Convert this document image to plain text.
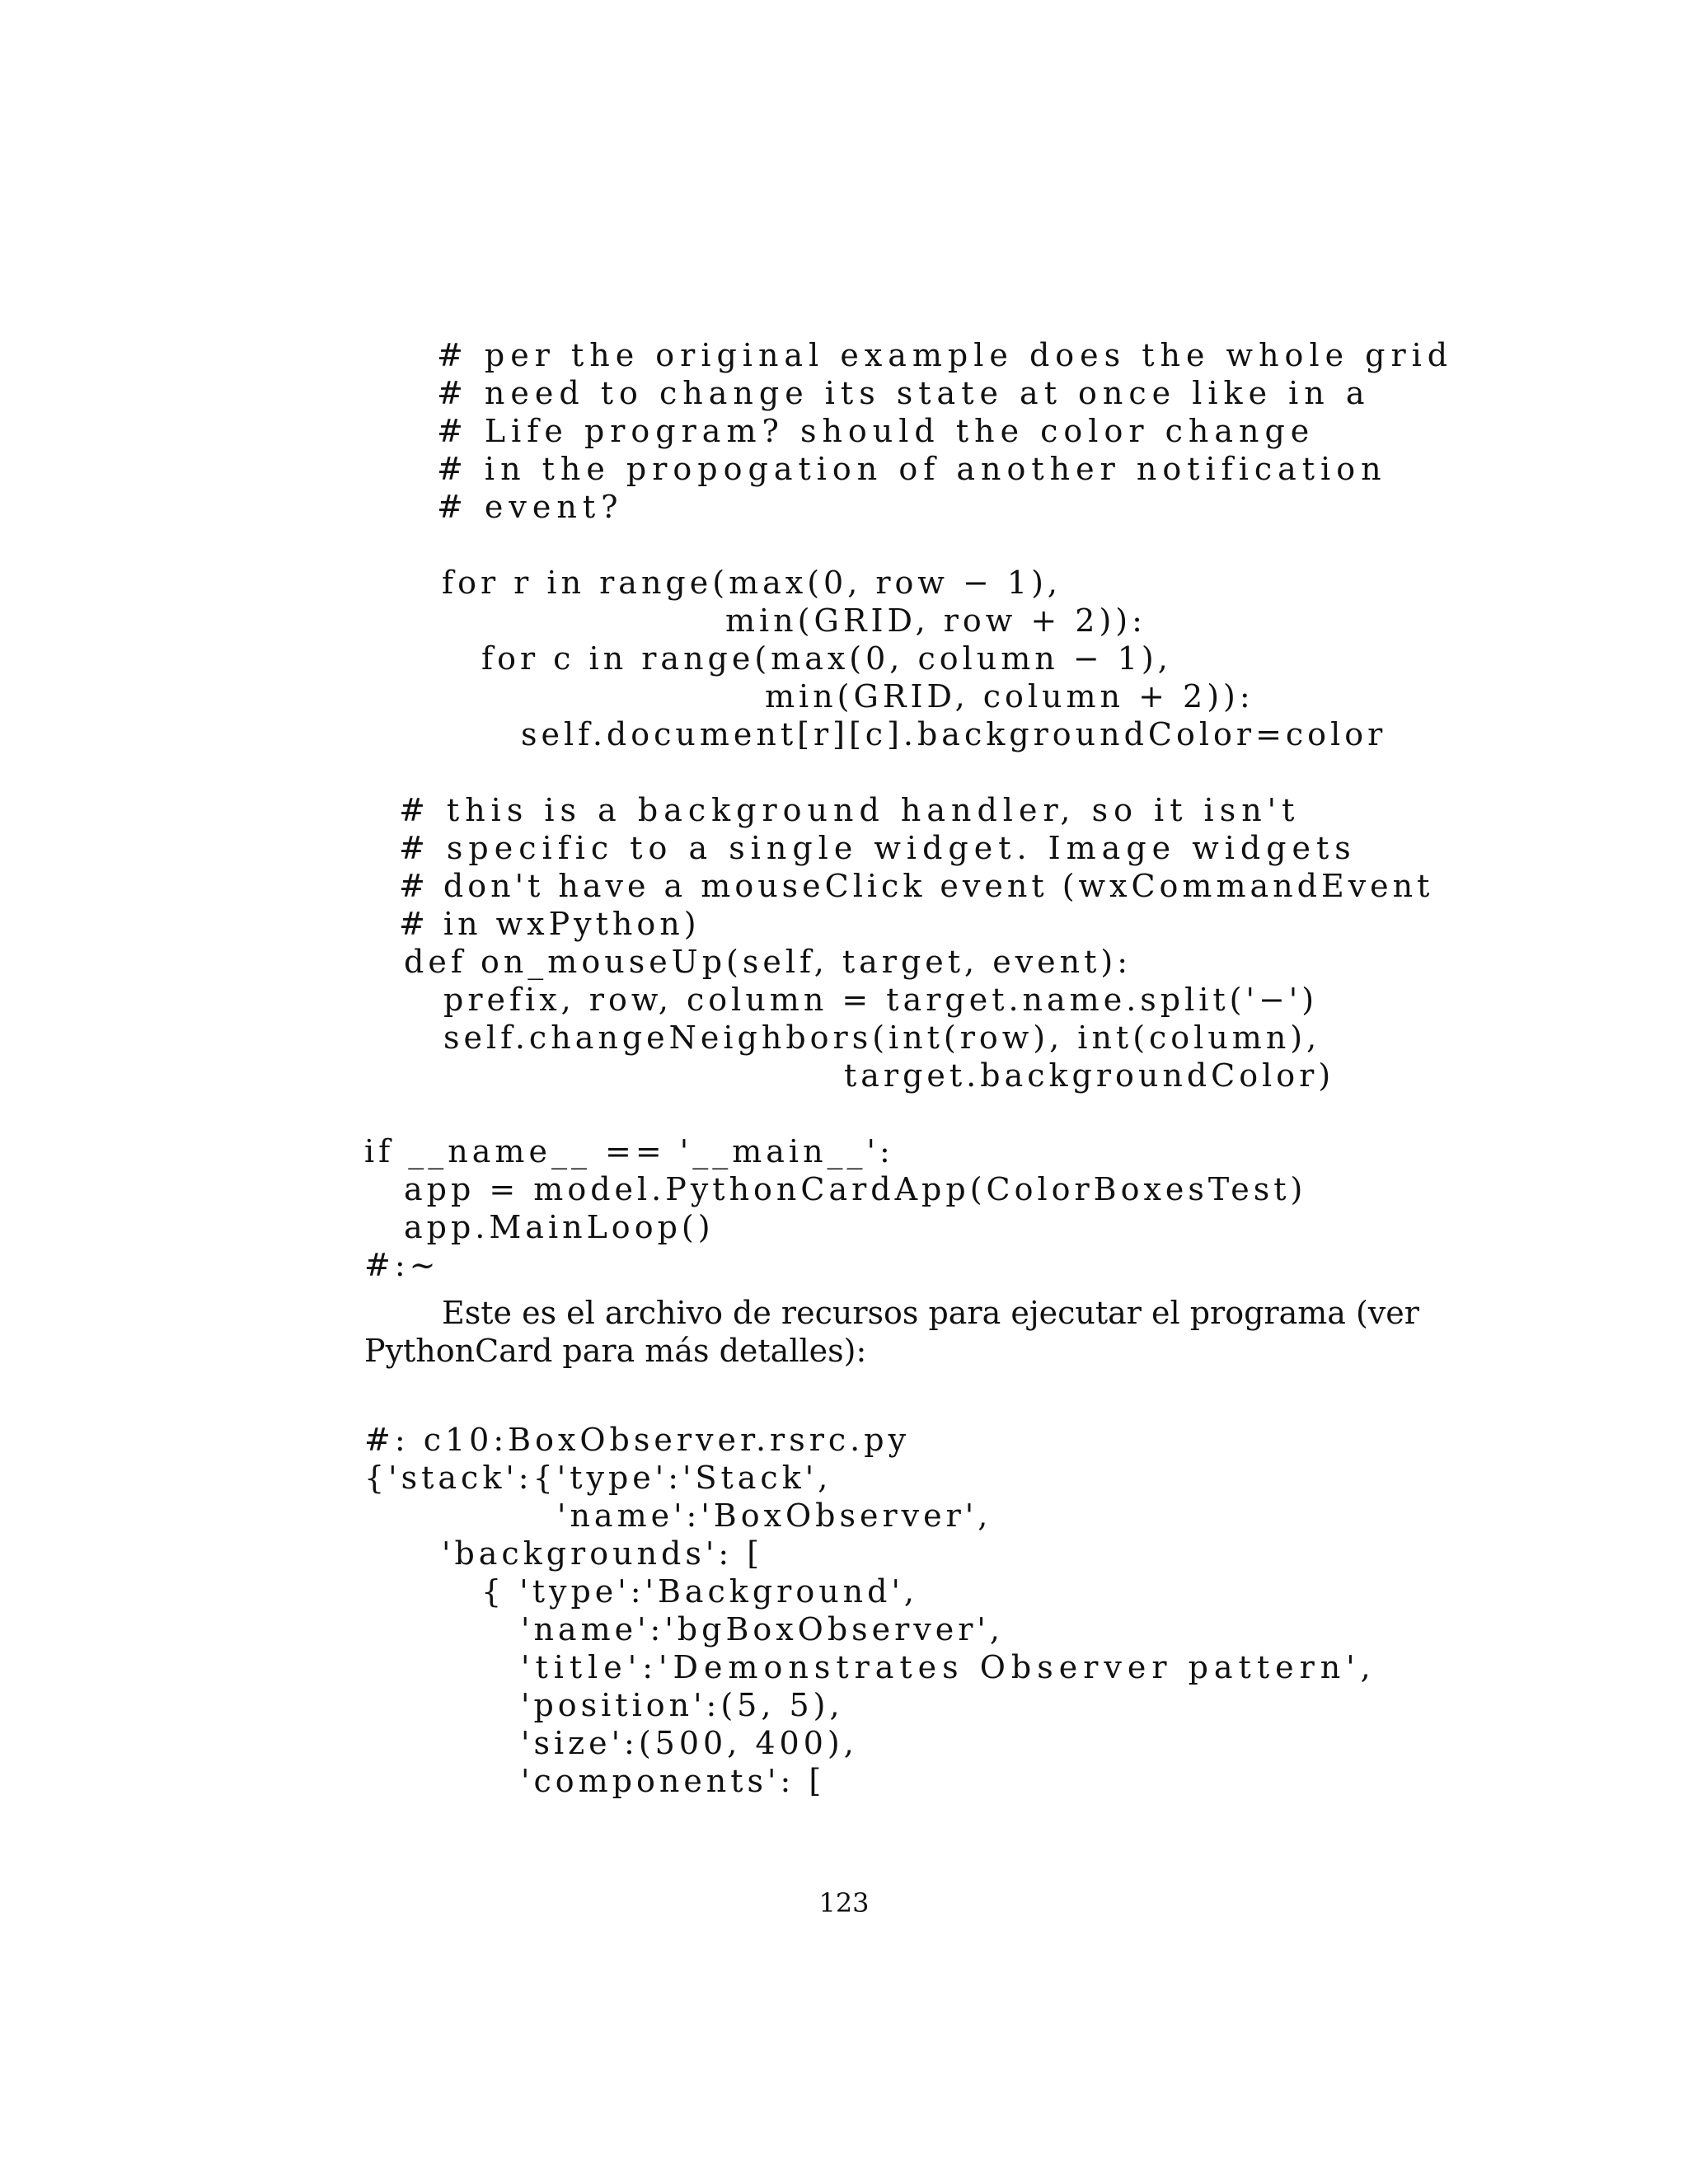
# per the original example does the whole grid
# need to change its state at once like in a
# Life program? should the color change
# in the propogation of another notification
# event?
for r in range(max(0, row − 1),
min(GRID, row + 2)):
for c in range(max(0, column − 1),
min(GRID, column + 2)):
self.document[r][c].backgroundColor=color
# this is a background handler, so it isn't
# specific to a single widget. Image widgets
# don't have a mouseClick event (wxCommandEvent
# in wxPython)
def on_mouseUp(self, target, event):
prefix, row, column = target.name.split('−')
self.changeNeighbors(int(row), int(column),
target.backgroundColor)
if __name__ == '__main__':
app = model.PythonCardApp(ColorBoxesTest)
app.MainLoop()
#:~
Este es el archivo de recursos para ejecutar el programa (ver
PythonCard para más detalles):
#: c10:BoxObserver.rsrc.py
{'stack':{'type':'Stack',
'name':'BoxObserver',
'backgrounds': [
{ 'type':'Background',
'name':'bgBoxObserver',
'title':'Demonstrates Observer pattern',
'position':(5, 5),
'size':(500, 400),
'components': [
123
